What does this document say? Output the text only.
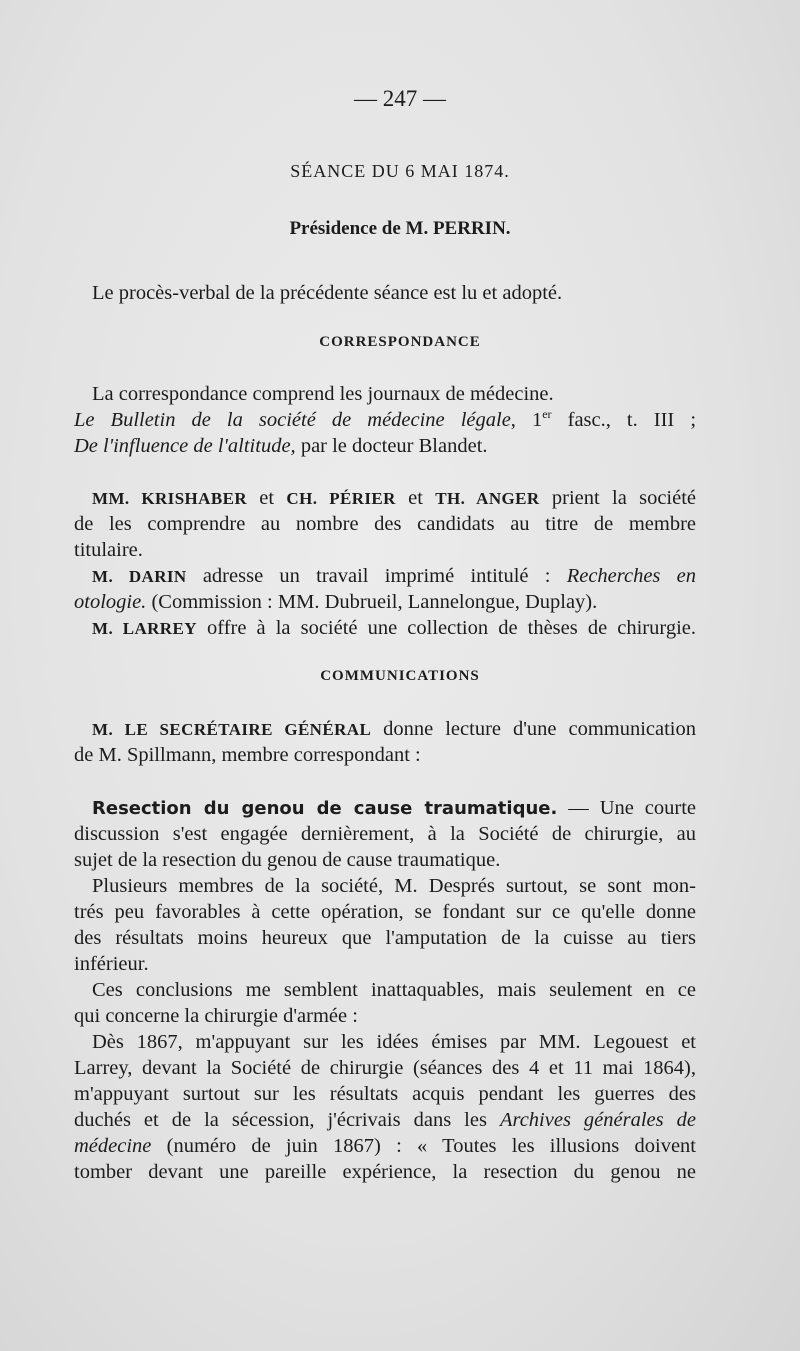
— 247 —
SÉANCE DU 6 MAI 1874.
Présidence de M. PERRIN.
Le procès-verbal de la précédente séance est lu et adopté.
CORRESPONDANCE
La correspondance comprend les journaux de médecine.
Le Bulletin de la société de médecine légale, 1er fasc., t. III ;
De l'influence de l'altitude, par le docteur Blandet.
MM. KRISHABER et CH. PÉRIER et TH. ANGER prient la société
de les comprendre au nombre des candidats au titre de membre
titulaire.
M. DARIN adresse un travail imprimé intitulé : Recherches en
otologie. (Commission : MM. Dubrueil, Lannelongue, Duplay).
M. LARREY offre à la société une collection de thèses de chirurgie.
COMMUNICATIONS
M. LE SECRÉTAIRE GÉNÉRAL donne lecture d'une communication
de M. Spillmann, membre correspondant :
Resection du genou de cause traumatique. — Une courte
discussion s'est engagée dernièrement, à la Société de chirurgie, au
sujet de la resection du genou de cause traumatique.
Plusieurs membres de la société, M. Després surtout, se sont mon-
trés peu favorables à cette opération, se fondant sur ce qu'elle donne
des résultats moins heureux que l'amputation de la cuisse au tiers
inférieur.
Ces conclusions me semblent inattaquables, mais seulement en ce
qui concerne la chirurgie d'armée :
Dès 1867, m'appuyant sur les idées émises par MM. Legouest et
Larrey, devant la Société de chirurgie (séances des 4 et 11 mai 1864),
m'appuyant surtout sur les résultats acquis pendant les guerres des
duchés et de la sécession, j'écrivais dans les Archives générales de
médecine (numéro de juin 1867) : « Toutes les illusions doivent
tomber devant une pareille expérience, la resection du genou ne
